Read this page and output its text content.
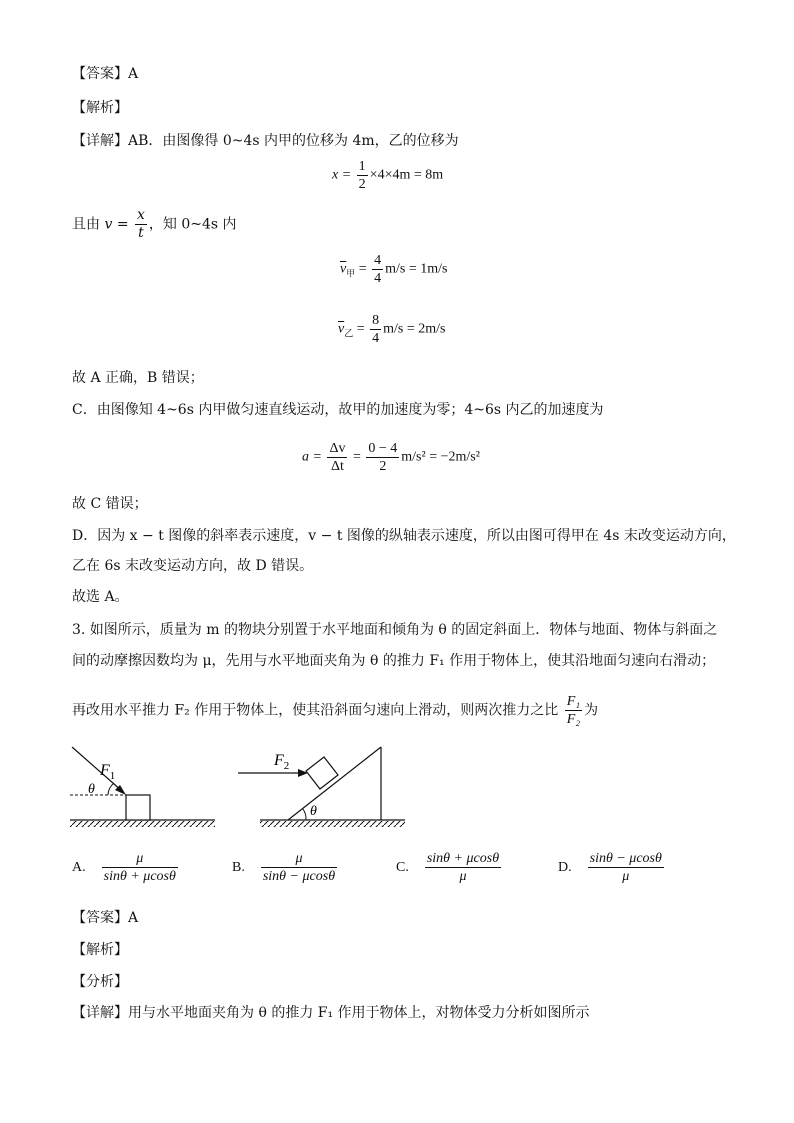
【答案】A
【解析】
【详解】AB．由图像得 0~4s 内甲的位移为 4m，乙的位移为
$x = \frac{1}{2} \times 4\times 4m = 8m$
且由 $v = \frac{x}{t}$ ，知 0~4s 内
$\overline{v}_甲 = \frac{4}{4} m/s = 1m/s$
$\overline{v}_乙 = \frac{8}{4} m/s = 2m/s$
故 A 正确，B 错误；
C．由图像知 4~6s 内甲做匀速直线运动，故甲的加速度为零；4~6s 内乙的加速度为
$a = \frac{\Delta v}{\Delta t} = \frac{0 - 4}{2} m/s^2 = -2m/s^2$
故 C 错误；
D．因为 x − t 图像的斜率表示速度，v − t 图像的纵轴表示速度，所以由图可得甲在 4s 末改变运动方向，
乙在 6s 末改变运动方向，故 D 错误。
故选 A。
3. 如图所示，质量为 m 的物块分别置于水平地面和倾角为 θ 的固定斜面上．物体与地面、物体与斜面之
间的动摩擦因数均为 μ，先用与水平地面夹角为 θ 的推力 F₁ 作用于物体上，使其沿地面匀速向右滑动；
再改用水平推力 F₂ 作用于物体上，使其沿斜面匀速向上滑动，则两次推力之比 $\frac{\text{F₁}}{\text{F₂}}$ 为
$F_1$
θ
$F_2$
θ
A. $\frac{\mu}{\sin\theta + \mu\cos\theta}$	B. $\frac{\mu}{\sin\theta - \mu\cos\theta}$	C. $\frac{\sin\theta + \mu\cos\theta}{\mu}$	D. $\frac{\sin\theta - \mu\cos\theta}{\mu}$
【答案】A
【解析】
【分析】
【详解】用与水平地面夹角为 θ 的推力 F₁ 作用于物体上，对物体受力分析如图所示
